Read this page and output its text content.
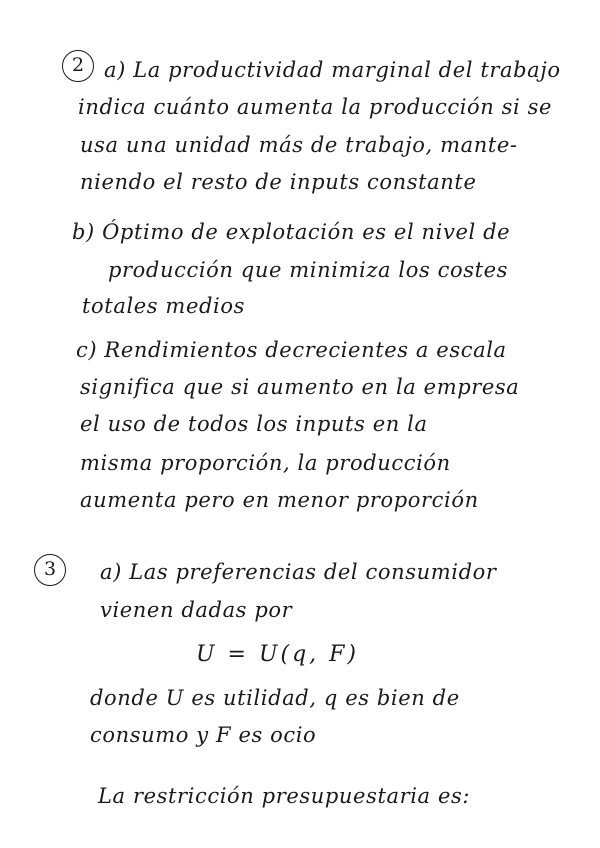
2 a) La productividad marginal del trabajo
indica cuánto aumenta la producción si se
usa una unidad más de trabajo, mante-
niendo el resto de inputs constante
b) Óptimo de explotación es el nivel de
producción que minimiza los costes
totales medios
c) Rendimientos decrecientes a escala
significa que si aumento en la empresa
el uso de todos los inputs en la
misma proporción, la producción
aumenta pero en menor proporción
3	a) Las preferencias del consumidor
vienen dadas por
U = U(q, F)
donde U es utilidad, q es bien de
consumo y F es ocio
La restricción presupuestaria es:
